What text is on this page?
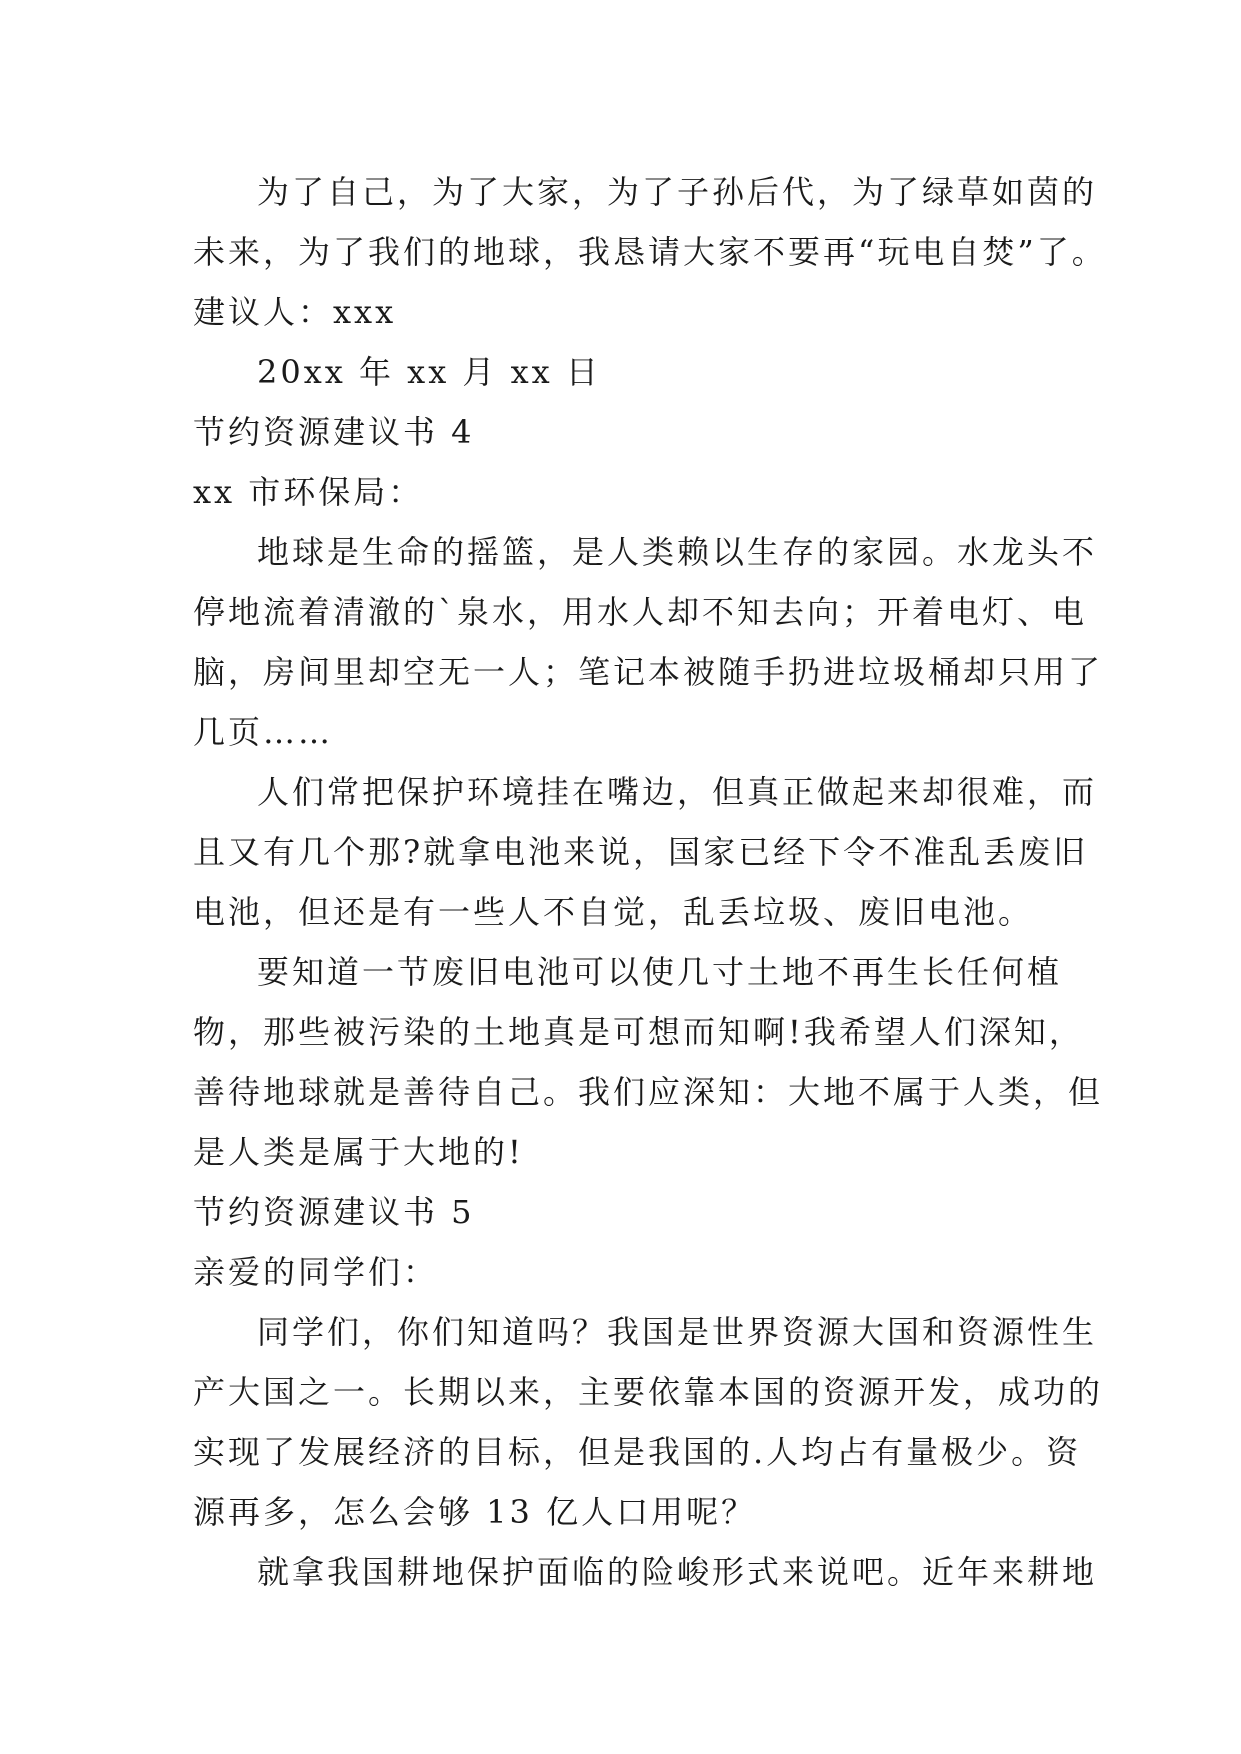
为了自己，为了大家，为了子孙后代，为了绿草如茵的
未来，为了我们的地球，我恳请大家不要再“玩电自焚”了。
建议人：xxx
20xx 年 xx 月 xx 日
节约资源建议书 4
xx 市环保局：
地球是生命的摇篮，是人类赖以生存的家园。水龙头不
停地流着清澈的`泉水，用水人却不知去向；开着电灯、电
脑，房间里却空无一人；笔记本被随手扔进垃圾桶却只用了
几页……
人们常把保护环境挂在嘴边，但真正做起来却很难，而
且又有几个那?就拿电池来说，国家已经下令不准乱丢废旧
电池，但还是有一些人不自觉，乱丢垃圾、废旧电池。
要知道一节废旧电池可以使几寸土地不再生长任何植
物，那些被污染的土地真是可想而知啊!我希望人们深知，
善待地球就是善待自己。我们应深知：大地不属于人类，但
是人类是属于大地的!
节约资源建议书 5
亲爱的同学们：
同学们，你们知道吗？我国是世界资源大国和资源性生
产大国之一。长期以来，主要依靠本国的资源开发，成功的
实现了发展经济的目标，但是我国的.人均占有量极少。资
源再多，怎么会够 13 亿人口用呢？
就拿我国耕地保护面临的险峻形式来说吧。近年来耕地
